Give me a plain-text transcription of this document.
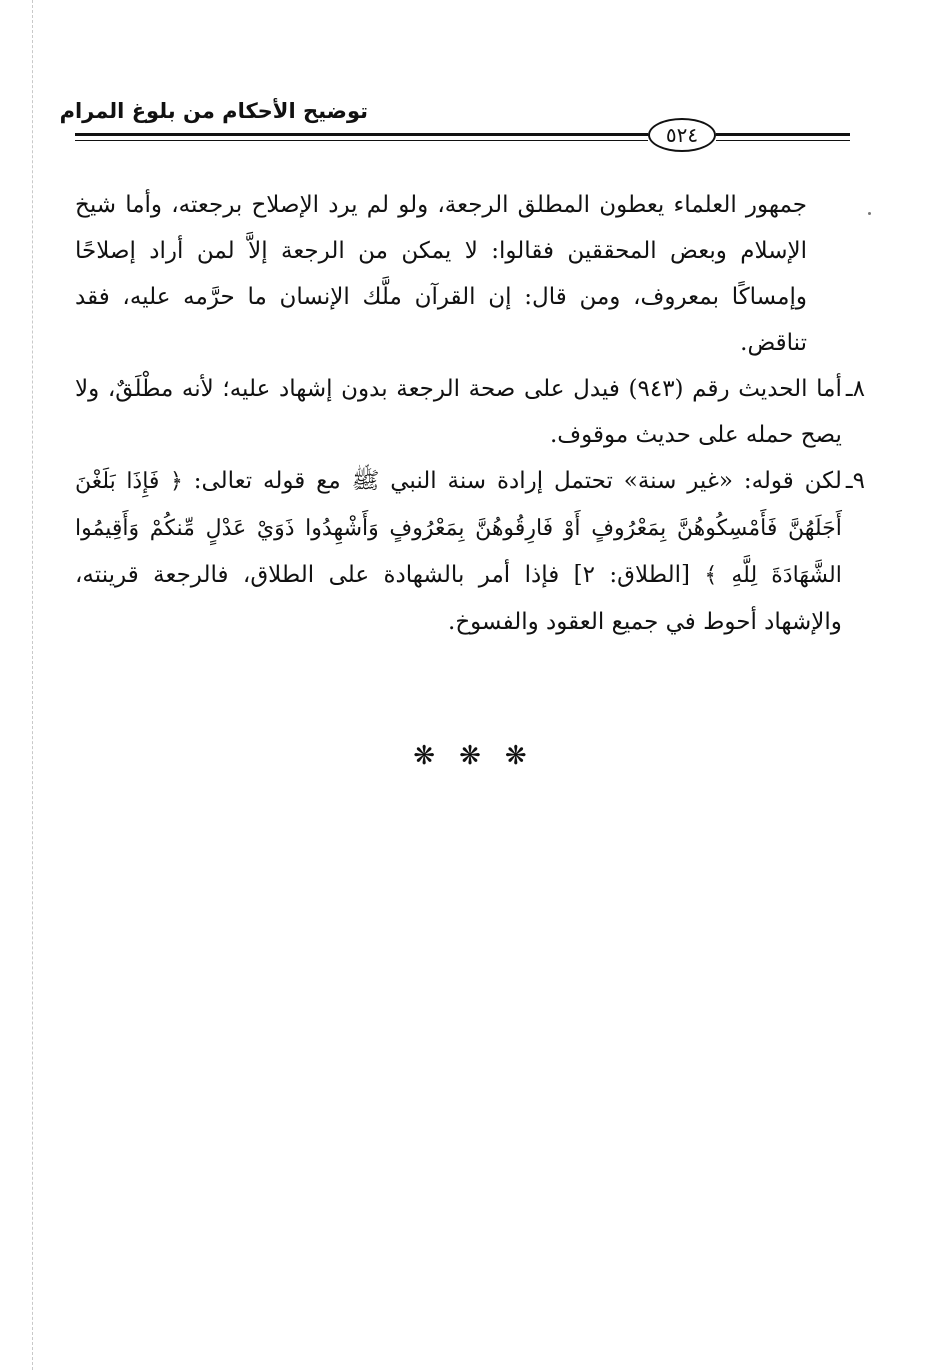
توضيح الأحكام من بلوغ المرام
٥٢٤

جمهور العلماء يعطون المطلق الرجعة، ولو لم يرد الإصلاح برجعته، وأما شيخ الإسلام وبعض المحققين فقالوا: لا يمكن من الرجعة إلاَّ لمن أراد إصلاحًا وإمساكًا بمعروف، ومن قال: إن القرآن ملَّك الإنسان ما حرَّمه عليه، فقد تناقض.

٨ـ
أما الحديث رقم (٩٤٣) فيدل على صحة الرجعة بدون إشهاد عليه؛ لأنه مطْلَقٌ، ولا يصح حمله على حديث موقوف.
٩ـ
لكن قوله: «غير سنة» تحتمل إرادة سنة النبي ﷺ مع قوله تعالى: ﴿ فَإِذَا بَلَغْنَ أَجَلَهُنَّ فَأَمْسِكُوهُنَّ بِمَعْرُوفٍ أَوْ فَارِقُوهُنَّ بِمَعْرُوفٍ وَأَشْهِدُوا ذَوَيْ عَدْلٍ مِّنكُمْ وَأَقِيمُوا الشَّهَادَةَ لِلَّهِ ﴾ [الطلاق: ٢] فإذا أمر بالشهادة على الطلاق، فالرجعة قرينته، والإشهاد أحوط في جميع العقود والفسوخ.
❋ ❋ ❋
